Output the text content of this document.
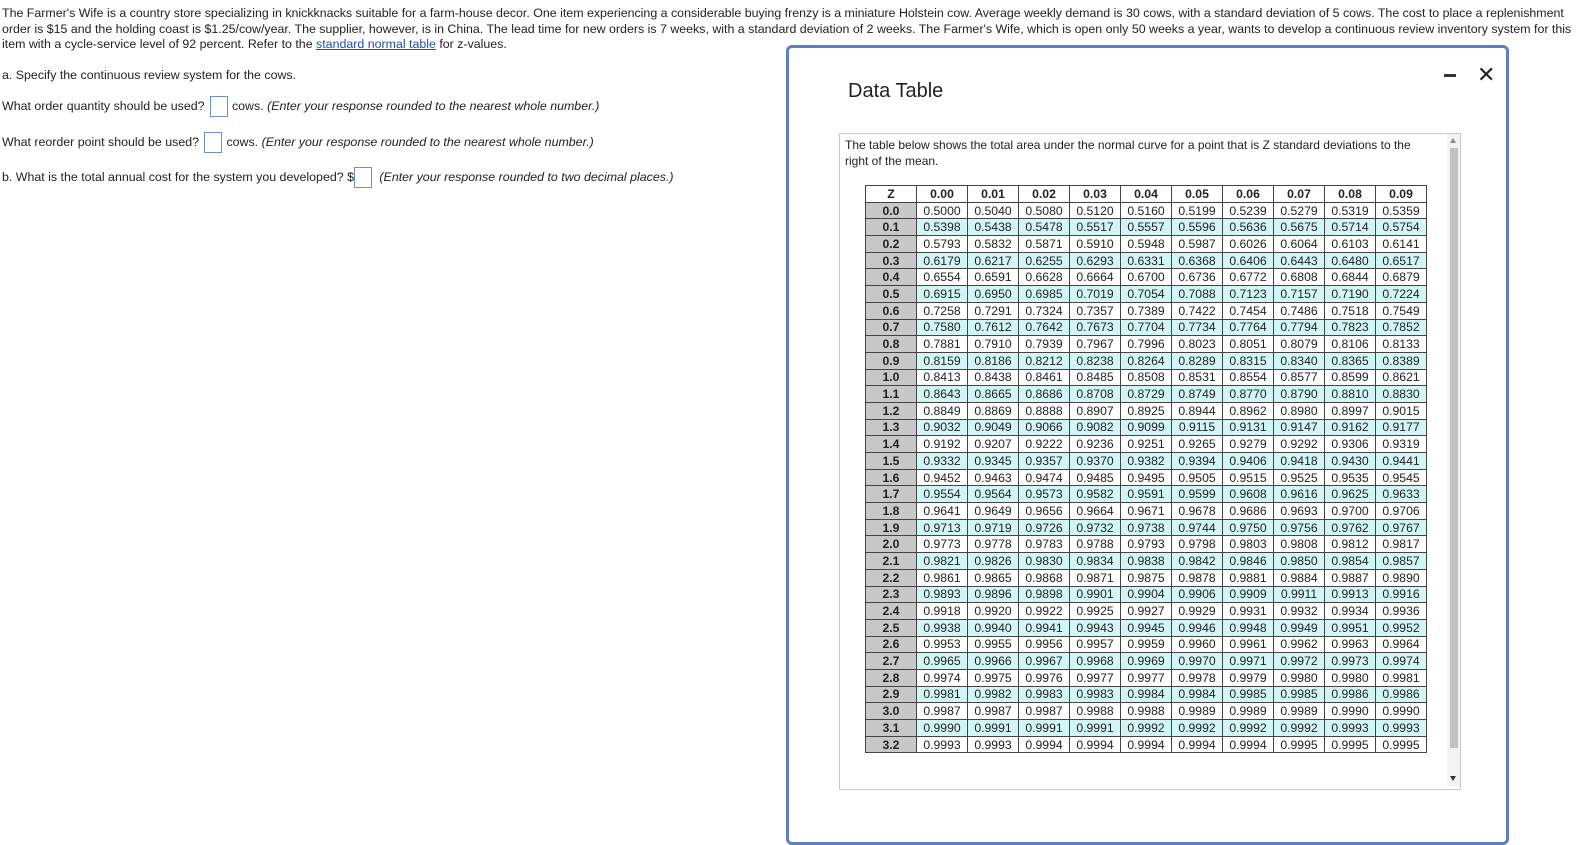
The Farmer's Wife is a country store specializing in knickknacks suitable for a farm-house decor. One item experiencing a considerable buying frenzy is a miniature Holstein cow. Average weekly demand is 30 cows, with a standard deviation of 5 cows. The cost to place a replenishment order is $15 and the holding coast is $1.25/cow/year. The supplier, however, is in China. The lead time for new orders is 7 weeks, with a standard deviation of 2 weeks. The Farmer's Wife, which is open only 50 weeks a year, wants to develop a continuous review inventory system for this item with a cycle-service level of 92 percent. Refer to the standard normal table for z-values.
a. Specify the continuous review system for the cows.
What order quantity should be used? cows. (Enter your response rounded to the nearest whole number.)
What reorder point should be used? cows. (Enter your response rounded to the nearest whole number.)
b. What is the total annual cost for the system you developed? $ (Enter your response rounded to two decimal places.)
Data Table
✕
The table below shows the total area under the normal curve for a point that is Z standard deviations to the right of the mean.
Z	0.00	0.01	0.02	0.03	0.04	0.05	0.06	0.07	0.08	0.09
0.0	0.5000	0.5040	0.5080	0.5120	0.5160	0.5199	0.5239	0.5279	0.5319	0.5359
0.1	0.5398	0.5438	0.5478	0.5517	0.5557	0.5596	0.5636	0.5675	0.5714	0.5754
0.2	0.5793	0.5832	0.5871	0.5910	0.5948	0.5987	0.6026	0.6064	0.6103	0.6141
0.3	0.6179	0.6217	0.6255	0.6293	0.6331	0.6368	0.6406	0.6443	0.6480	0.6517
0.4	0.6554	0.6591	0.6628	0.6664	0.6700	0.6736	0.6772	0.6808	0.6844	0.6879
0.5	0.6915	0.6950	0.6985	0.7019	0.7054	0.7088	0.7123	0.7157	0.7190	0.7224
0.6	0.7258	0.7291	0.7324	0.7357	0.7389	0.7422	0.7454	0.7486	0.7518	0.7549
0.7	0.7580	0.7612	0.7642	0.7673	0.7704	0.7734	0.7764	0.7794	0.7823	0.7852
0.8	0.7881	0.7910	0.7939	0.7967	0.7996	0.8023	0.8051	0.8079	0.8106	0.8133
0.9	0.8159	0.8186	0.8212	0.8238	0.8264	0.8289	0.8315	0.8340	0.8365	0.8389
1.0	0.8413	0.8438	0.8461	0.8485	0.8508	0.8531	0.8554	0.8577	0.8599	0.8621
1.1	0.8643	0.8665	0.8686	0.8708	0.8729	0.8749	0.8770	0.8790	0.8810	0.8830
1.2	0.8849	0.8869	0.8888	0.8907	0.8925	0.8944	0.8962	0.8980	0.8997	0.9015
1.3	0.9032	0.9049	0.9066	0.9082	0.9099	0.9115	0.9131	0.9147	0.9162	0.9177
1.4	0.9192	0.9207	0.9222	0.9236	0.9251	0.9265	0.9279	0.9292	0.9306	0.9319
1.5	0.9332	0.9345	0.9357	0.9370	0.9382	0.9394	0.9406	0.9418	0.9430	0.9441
1.6	0.9452	0.9463	0.9474	0.9485	0.9495	0.9505	0.9515	0.9525	0.9535	0.9545
1.7	0.9554	0.9564	0.9573	0.9582	0.9591	0.9599	0.9608	0.9616	0.9625	0.9633
1.8	0.9641	0.9649	0.9656	0.9664	0.9671	0.9678	0.9686	0.9693	0.9700	0.9706
1.9	0.9713	0.9719	0.9726	0.9732	0.9738	0.9744	0.9750	0.9756	0.9762	0.9767
2.0	0.9773	0.9778	0.9783	0.9788	0.9793	0.9798	0.9803	0.9808	0.9812	0.9817
2.1	0.9821	0.9826	0.9830	0.9834	0.9838	0.9842	0.9846	0.9850	0.9854	0.9857
2.2	0.9861	0.9865	0.9868	0.9871	0.9875	0.9878	0.9881	0.9884	0.9887	0.9890
2.3	0.9893	0.9896	0.9898	0.9901	0.9904	0.9906	0.9909	0.9911	0.9913	0.9916
2.4	0.9918	0.9920	0.9922	0.9925	0.9927	0.9929	0.9931	0.9932	0.9934	0.9936
2.5	0.9938	0.9940	0.9941	0.9943	0.9945	0.9946	0.9948	0.9949	0.9951	0.9952
2.6	0.9953	0.9955	0.9956	0.9957	0.9959	0.9960	0.9961	0.9962	0.9963	0.9964
2.7	0.9965	0.9966	0.9967	0.9968	0.9969	0.9970	0.9971	0.9972	0.9973	0.9974
2.8	0.9974	0.9975	0.9976	0.9977	0.9977	0.9978	0.9979	0.9980	0.9980	0.9981
2.9	0.9981	0.9982	0.9983	0.9983	0.9984	0.9984	0.9985	0.9985	0.9986	0.9986
3.0	0.9987	0.9987	0.9987	0.9988	0.9988	0.9989	0.9989	0.9989	0.9990	0.9990
3.1	0.9990	0.9991	0.9991	0.9991	0.9992	0.9992	0.9992	0.9992	0.9993	0.9993
3.2	0.9993	0.9993	0.9994	0.9994	0.9994	0.9994	0.9994	0.9995	0.9995	0.9995
